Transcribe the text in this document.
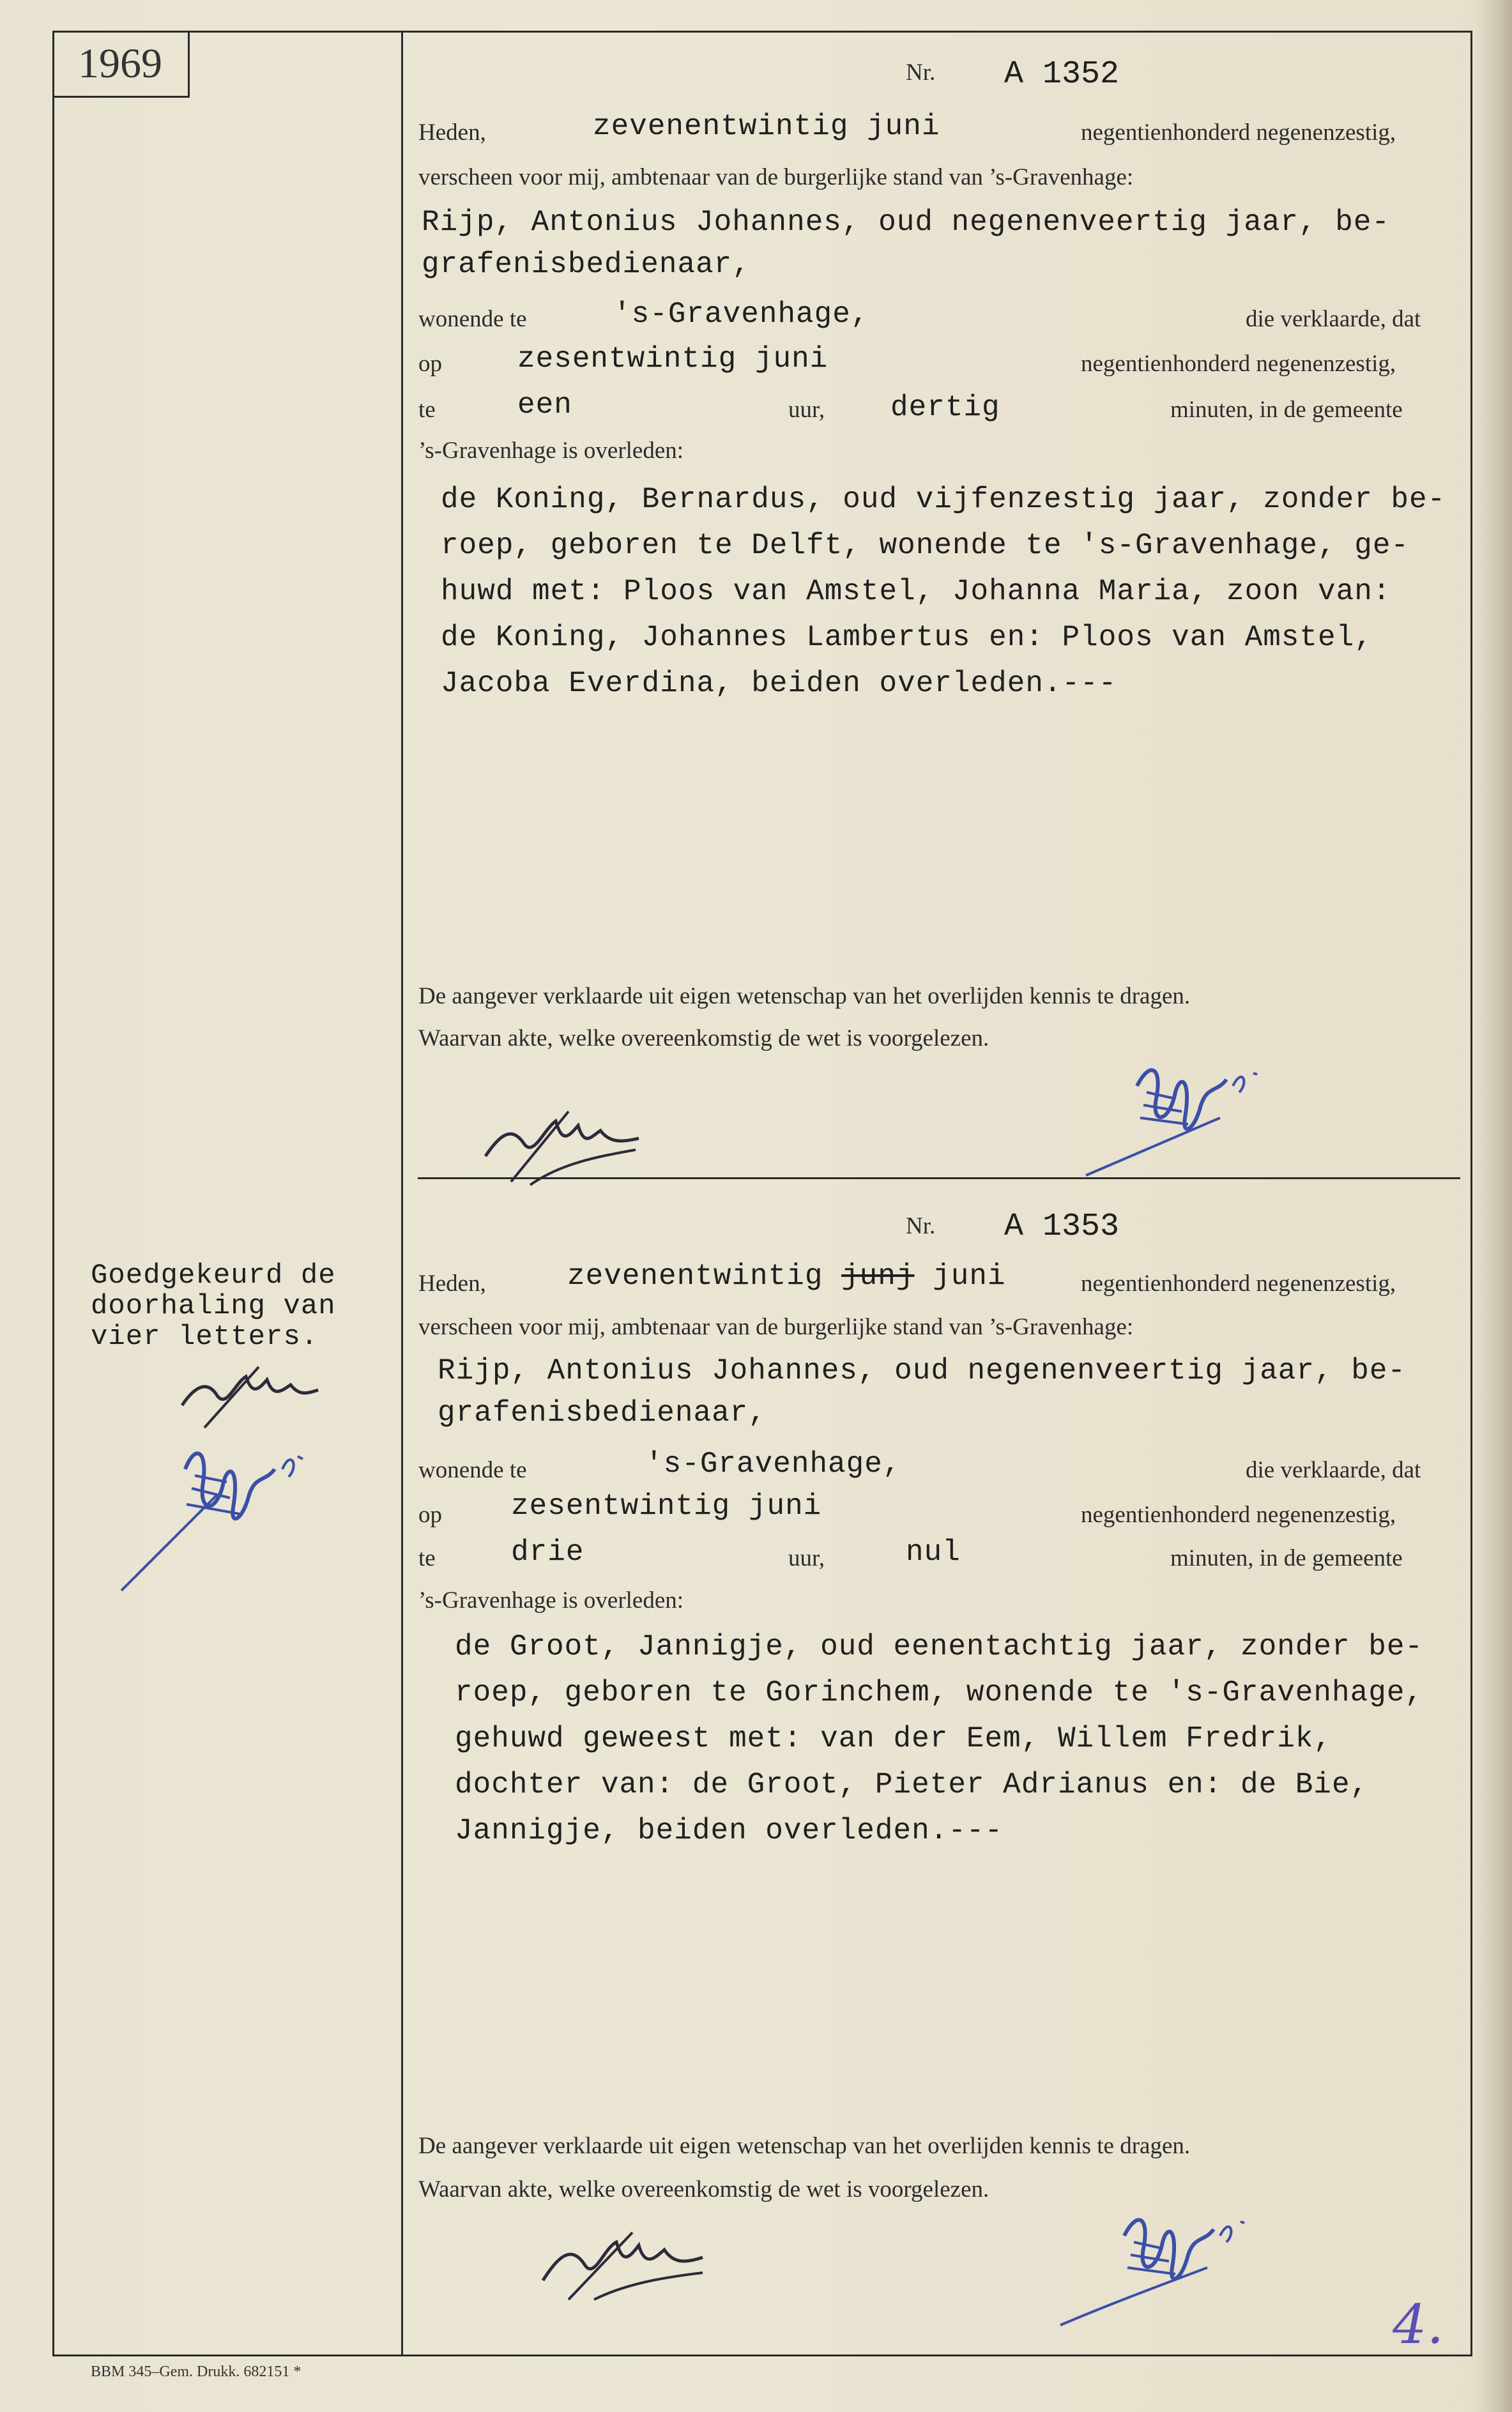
1969	Nr. A 1352
Heden,	zevenentwintig juni	negentienhonderd negenenzestig,
verscheen voor mij, ambtenaar van de burgerlijke stand van ’s-Gravenhage:
Rijp, Antonius Johannes, oud negenenveertig jaar, be-
grafenisbedienaar,
wonende te	's-Gravenhage,	die verklaarde, dat
op	zesentwintig juni	negentienhonderd negenenzestig,
te	een	uur, dertig	minuten, in de gemeente
’s-Gravenhage is overleden:
de Koning, Bernardus, oud vijfenzestig jaar, zonder be-
roep, geboren te Delft, wonende te 's-Gravenhage, ge-
huwd met: Ploos van Amstel, Johanna Maria, zoon van:
de Koning, Johannes Lambertus en: Ploos van Amstel,
Jacoba Everdina, beiden overleden.---
De aangever verklaarde uit eigen wetenschap van het overlijden kennis te dragen.
Waarvan akte, welke overeenkomstig de wet is voorgelezen.
Nr. A 1353
Heden,	zevenentwintig junj juni	negentienhonderd negenenzestig,
verscheen voor mij, ambtenaar van de burgerlijke stand van ’s-Gravenhage:
Rijp, Antonius Johannes, oud negenenveertig jaar, be-
grafenisbedienaar,
wonende te	's-Gravenhage,	die verklaarde, dat
op zesentwintig juni	negentienhonderd negenenzestig,
te	drie	uur,	nul	minuten, in de gemeente
’s-Gravenhage is overleden:
de Groot, Jannigje, oud eenentachtig jaar, zonder be-
roep, geboren te Gorinchem, wonende te 's-Gravenhage,
gehuwd geweest met: van der Eem, Willem Fredrik,
dochter van: de Groot, Pieter Adrianus en: de Bie,
Jannigje, beiden overleden.---
De aangever verklaarde uit eigen wetenschap van het overlijden kennis te dragen.
Waarvan akte, welke overeenkomstig de wet is voorgelezen.
4.
Goedgekeurd de
doorhaling van
vier letters.
BBM 345–Gem. Drukk. 682151 *
